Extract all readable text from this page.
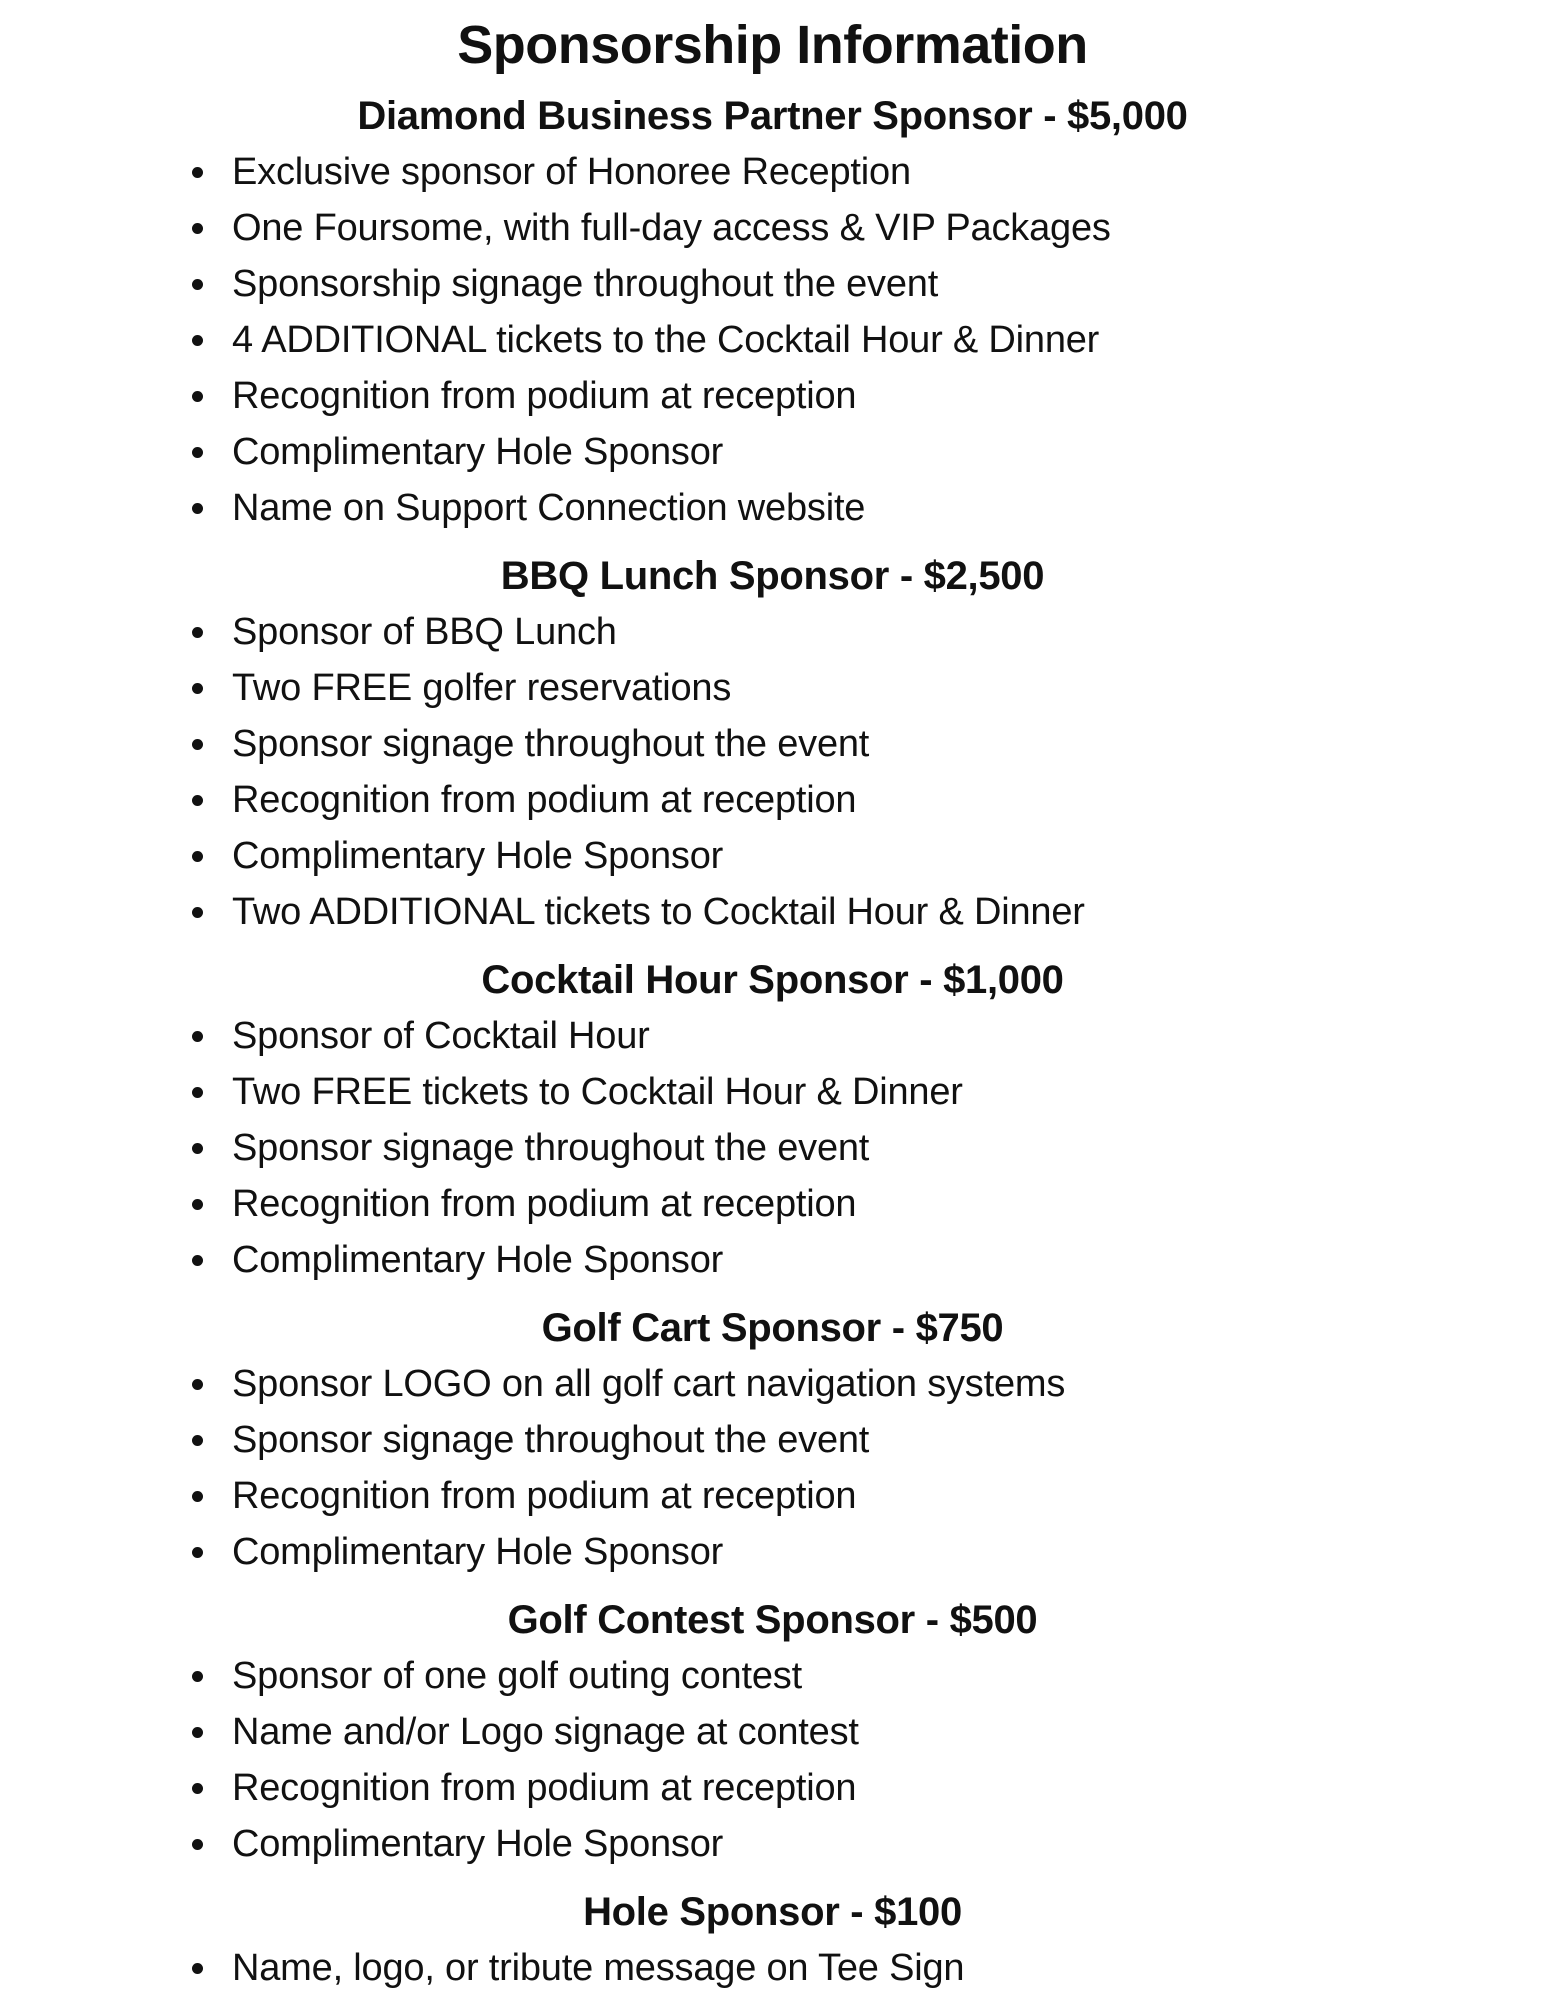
Sponsorship Information
Diamond Business Partner Sponsor - $5,000
Exclusive sponsor of Honoree Reception
One Foursome, with full-day access & VIP Packages
Sponsorship signage throughout the event
4 ADDITIONAL tickets to the Cocktail Hour & Dinner
Recognition from podium at reception
Complimentary Hole Sponsor
Name on Support Connection website
BBQ Lunch Sponsor - $2,500
Sponsor of BBQ Lunch
Two FREE golfer reservations
Sponsor signage throughout the event
Recognition from podium at reception
Complimentary Hole Sponsor
Two ADDITIONAL tickets to Cocktail Hour & Dinner
Cocktail Hour Sponsor - $1,000
Sponsor of Cocktail Hour
Two FREE tickets to Cocktail Hour & Dinner
Sponsor signage throughout the event
Recognition from podium at reception
Complimentary Hole Sponsor
Golf Cart Sponsor - $750
Sponsor LOGO on all golf cart navigation systems
Sponsor signage throughout the event
Recognition from podium at reception
Complimentary Hole Sponsor
Golf Contest Sponsor - $500
Sponsor of one golf outing contest
Name and/or Logo signage at contest
Recognition from podium at reception
Complimentary Hole Sponsor
Hole Sponsor - $100
Name, logo, or tribute message on Tee Sign
